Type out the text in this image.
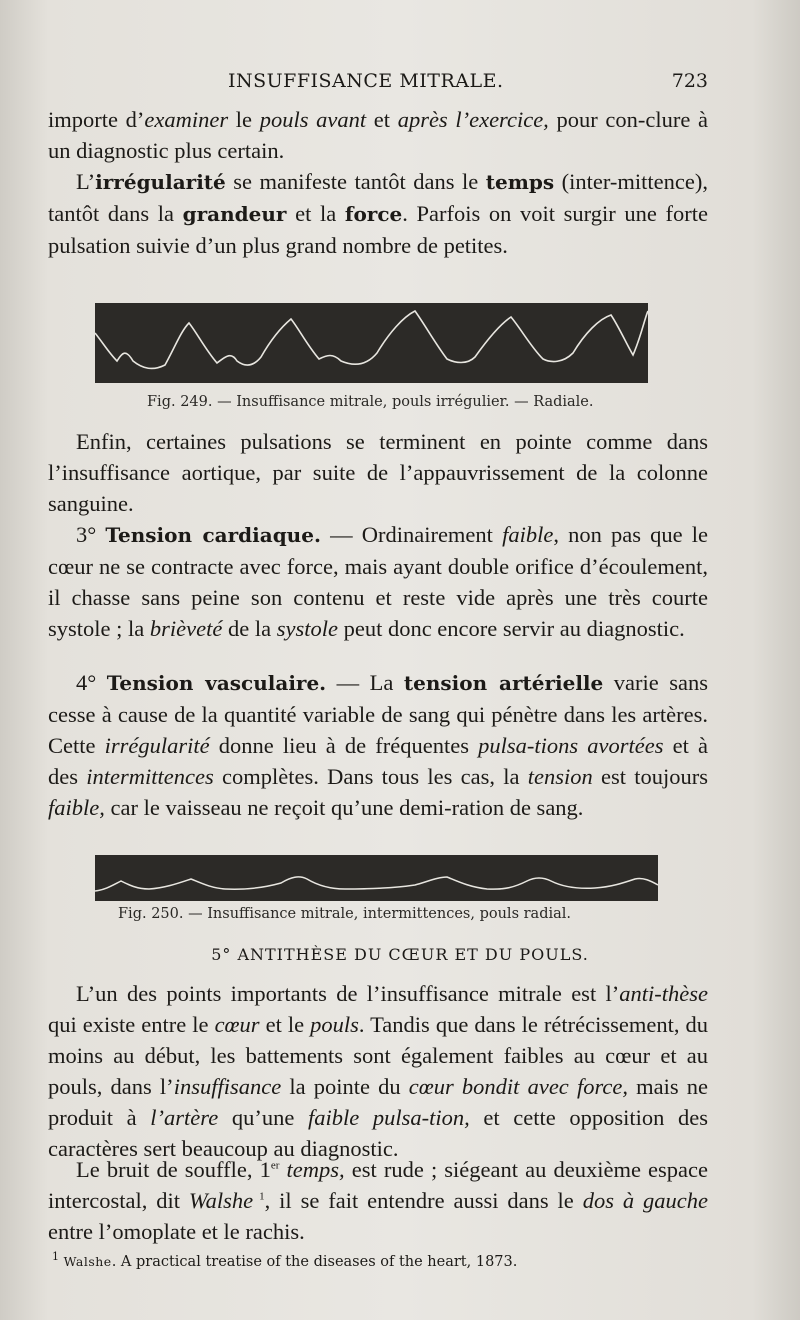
INSUFFISANCE MITRALE.	723
importe d’examiner le pouls avant et après l’exercice, pour con-clure à un diagnostic plus certain.
L’irrégularité se manifeste tantôt dans le temps (inter-mittence), tantôt dans la grandeur et la force. Parfois on voit surgir une forte pulsation suivie d’un plus grand nombre de petites.
Fig. 249. — Insuffisance mitrale, pouls irrégulier. — Radiale.
Enfin, certaines pulsations se terminent en pointe comme dans l’insuffisance aortique, par suite de l’appauvrissement de la colonne sanguine.
3° Tension cardiaque. — Ordinairement faible, non pas que le cœur ne se contracte avec force, mais ayant double orifice d’écoulement, il chasse sans peine son contenu et reste vide après une très courte systole ; la brièveté de la systole peut donc encore servir au diagnostic.
4° Tension vasculaire. — La tension artérielle varie sans cesse à cause de la quantité variable de sang qui pénètre dans les artères. Cette irrégularité donne lieu à de fréquentes pulsa-tions avortées et à des intermittences complètes. Dans tous les cas, la tension est toujours faible, car le vaisseau ne reçoit qu’une demi-ration de sang.
Fig. 250. — Insuffisance mitrale, intermittences, pouls radial.
5° ANTITHÈSE DU CŒUR ET DU POULS.
L’un des points importants de l’insuffisance mitrale est l’anti-thèse qui existe entre le cœur et le pouls. Tandis que dans le rétrécissement, du moins au début, les battements sont également faibles au cœur et au pouls, dans l’insuffisance la pointe du cœur bondit avec force, mais ne produit à l’artère qu’une faible pulsa-tion, et cette opposition des caractères sert beaucoup au diagnostic.
Le bruit de souffle, 1er temps, est rude ; siégeant au deuxième espace intercostal, dit Walshe $^1$, il se fait entendre aussi dans le dos à gauche entre l’omoplate et le rachis.
$^1$ Walshe. A practical treatise of the diseases of the heart, 1873.
